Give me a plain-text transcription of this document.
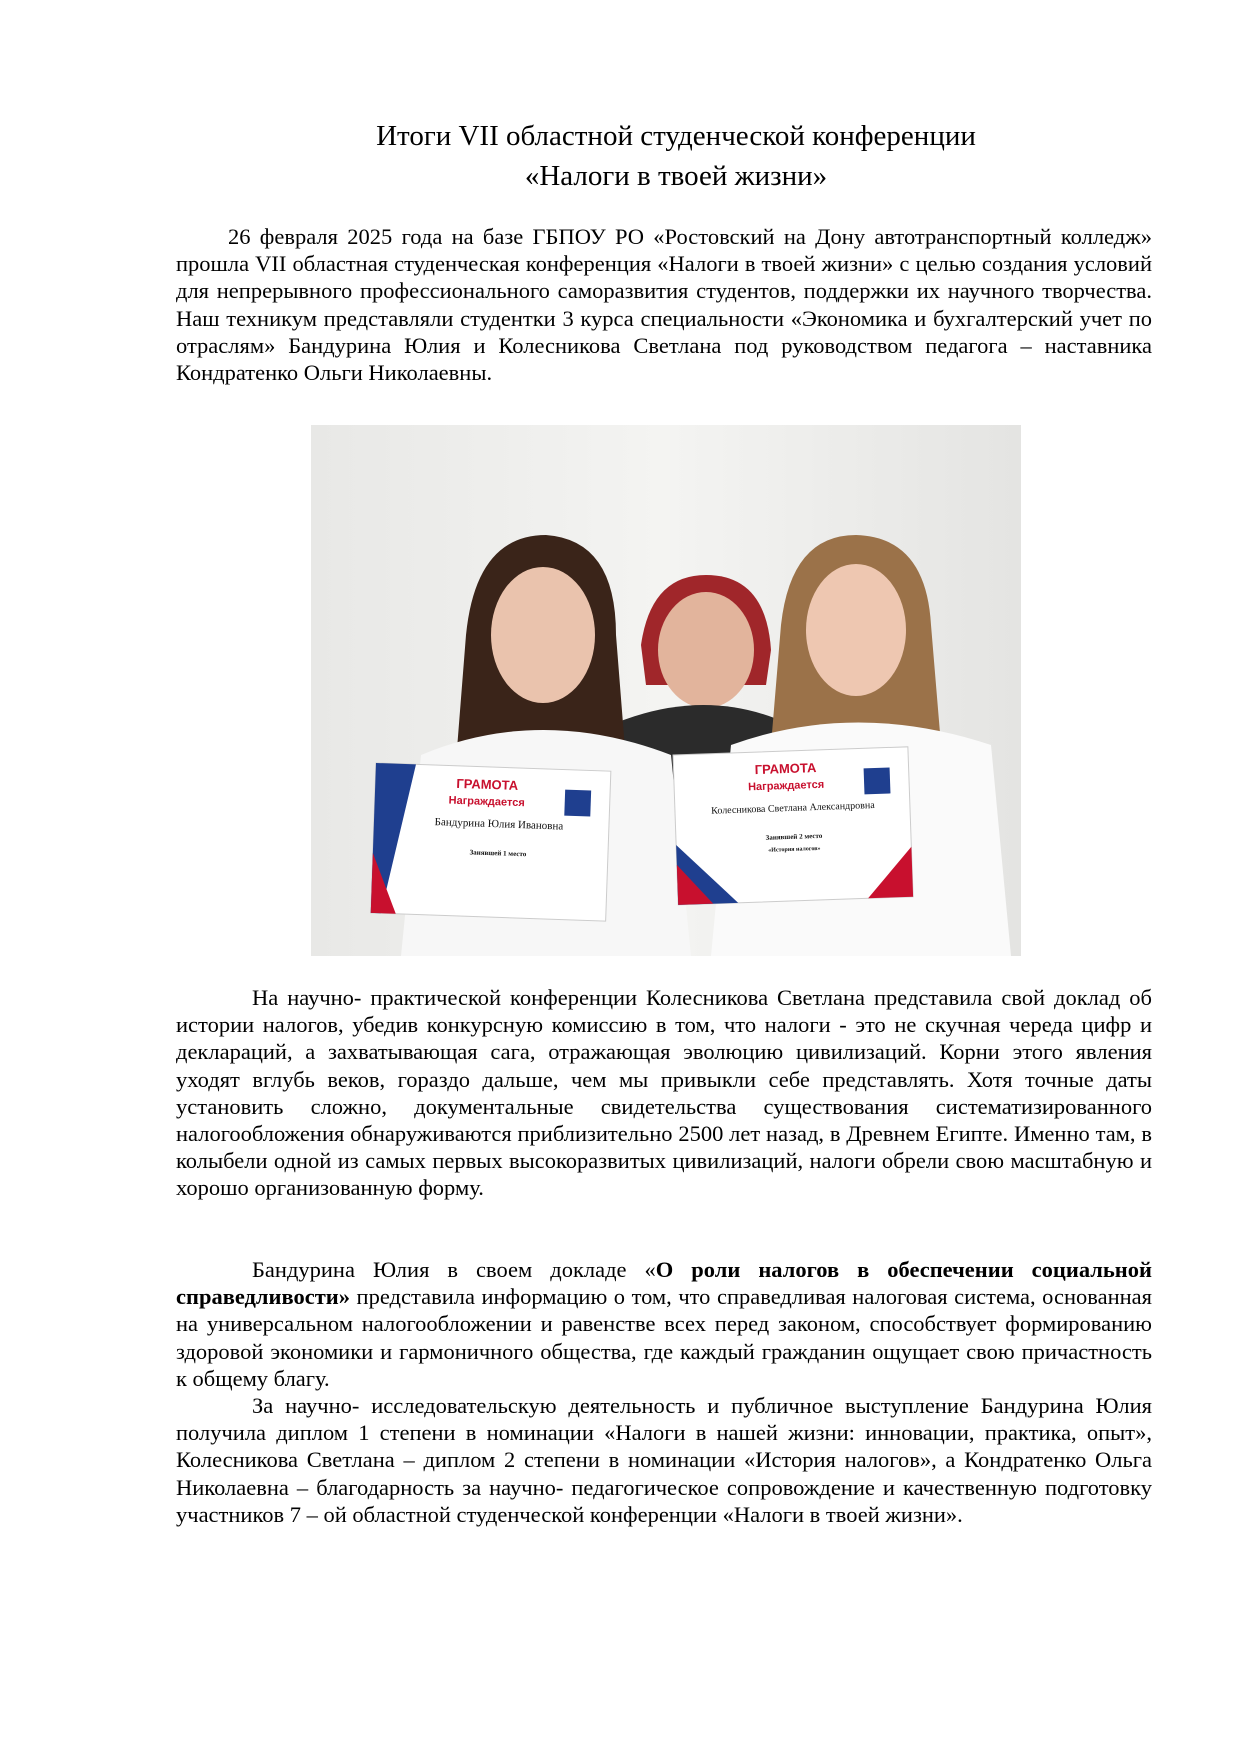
Итоги VII областной студенческой конференции
«Налоги в твоей жизни»

26 февраля 2025 года на базе ГБПОУ РО «Ростовский на Дону автотранспортный колледж» прошла VII областная студенческая конференция «Налоги в твоей жизни» с целью создания условий для непрерывного профессионального саморазвития студентов, поддержки их научного творчества. Наш техникум представляли студентки 3 курса специальности «Экономика и бухгалтерский учет по отраслям» Бандурина Юлия и Колесникова Светлана под руководством педагога – наставника Кондратенко Ольги Николаевны.

ГРАМОТА
Награждается
Бандурина Юлия Ивановна
Занявшей 1 место
ГРАМОТА
Награждается
Колесникова Светлана Александровна
Занявшей 2 место
«История налогов»

На научно- практической конференции Колесникова Светлана представила свой доклад об истории налогов, убедив конкурсную комиссию в том, что налоги - это не скучная череда цифр и деклараций, а захватывающая сага, отражающая эволюцию цивилизаций. Корни этого явления уходят вглубь веков, гораздо дальше, чем мы привыкли себе представлять. Хотя точные даты установить сложно, документальные свидетельства существования систематизированного налогообложения обнаруживаются приблизительно 2500 лет назад, в Древнем Египте. Именно там, в колыбели одной из самых первых высокоразвитых цивилизаций, налоги обрели свою масштабную и хорошо организованную форму.

Бандурина Юлия в своем докладе «О роли налогов в обеспечении социальной справедливости» представила информацию о том, что справедливая налоговая система, основанная на универсальном налогообложении и равенстве всех перед законом, способствует формированию здоровой экономики и гармоничного общества, где каждый гражданин ощущает свою причастность к общему благу.

За научно- исследовательскую деятельность и публичное выступление Бандурина Юлия получила диплом 1 степени в номинации «Налоги в нашей жизни: инновации, практика, опыт», Колесникова Светлана – диплом 2 степени в номинации «История налогов», а Кондратенко Ольга Николаевна – благодарность за научно- педагогическое сопровождение и качественную подготовку участников 7 – ой областной студенческой конференции «Налоги в твоей жизни».
